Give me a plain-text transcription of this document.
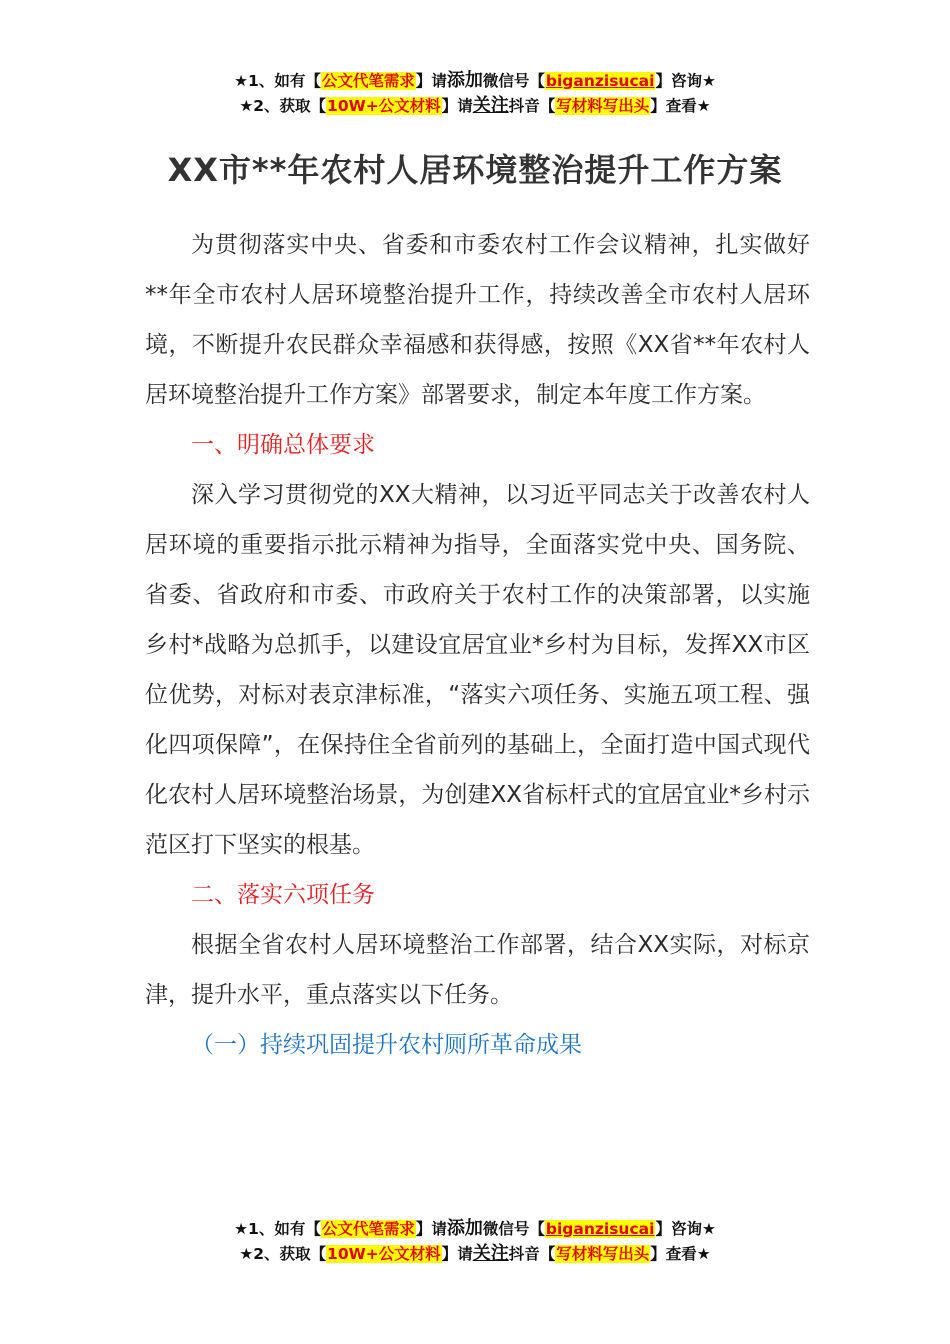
★1、如有【公文代笔需求】请添加微信号【biganzisucai】咨询★
★2、获取【10W+公文材料】请关注抖音【写材料写出头】查看★
XX市**年农村人居环境整治提升工作方案

为贯彻落实中央、省委和市委农村工作会议精神，扎实做好**年全市农村人居环境整治提升工作，持续改善全市农村人居环境，不断提升农民群众幸福感和获得感，按照《XX省**年农村人居环境整治提升工作方案》部署要求，制定本年度工作方案。

一、明确总体要求

深入学习贯彻党的XX大精神，以习近平同志关于改善农村人居环境的重要指示批示精神为指导，全面落实党中央、国务院、省委、省政府和市委、市政府关于农村工作的决策部署，以实施乡村*战略为总抓手，以建设宜居宜业*乡村为目标，发挥XX市区位优势，对标对表京津标准，“落实六项任务、实施五项工程、强化四项保障”，在保持住全省前列的基础上，全面打造中国式现代化农村人居环境整治场景，为创建XX省标杆式的宜居宜业*乡村示范区打下坚实的根基。

二、落实六项任务

根据全省农村人居环境整治工作部署，结合XX实际，对标京津，提升水平，重点落实以下任务。

（一）持续巩固提升农村厕所革命成果
★1、如有【公文代笔需求】请添加微信号【biganzisucai】咨询★
★2、获取【10W+公文材料】请关注抖音【写材料写出头】查看★
